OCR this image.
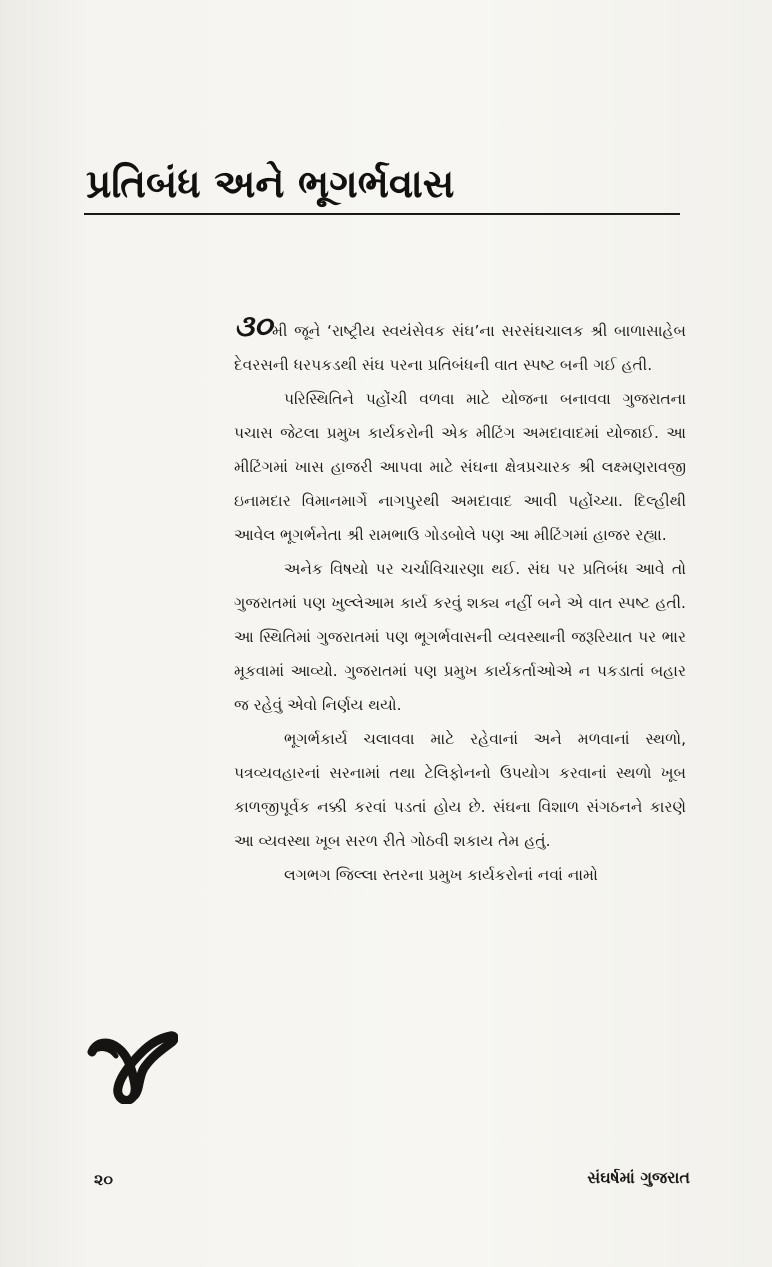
પ્રતિબંધ અને ભૂગર્ભવાસ

૩૦મી જૂને ‘રાષ્ટ્રીય સ્વયંસેવક સંઘ’ના સરસંઘચાલક શ્રી બાળાસાહેબ દેવરસની ધરપકડથી સંઘ પરના પ્રતિબંધની વાત સ્પષ્ટ બની ગઈ હતી.

પરિસ્થિતિને પહોંચી વળવા માટે યોજના બનાવવા ગુજરાતના પચાસ જેટલા પ્રમુખ કાર્યકરોની એક મીટિંગ અમદાવાદમાં યોજાઈ. આ મીટિંગમાં ખાસ હાજરી આપવા માટે સંઘના ક્ષેત્રપ્રચારક શ્રી લક્ષ્મણરાવજી ઇનામદાર વિમાનમાર્ગે નાગપુરથી અમદાવાદ આવી પહોંચ્યા. દિલ્હીથી આવેલ ભૂગર્ભનેતા શ્રી રામભાઉ ગોડબોલે પણ આ મીટિંગમાં હાજર રહ્યા.

અનેક વિષયો પર ચર્ચાવિચારણા થઈ. સંઘ પર પ્રતિબંધ આવે તો ગુજરાતમાં પણ ખુલ્લેઆમ કાર્ય કરવું શક્ય નહીં બને એ વાત સ્પષ્ટ હતી. આ સ્થિતિમાં ગુજરાતમાં પણ ભૂગર્ભવાસની વ્યવસ્થાની જરૂરિયાત પર ભાર મૂકવામાં આવ્યો. ગુજરાતમાં પણ પ્રમુખ કાર્યકર્તાઓએ ન પકડાતાં બહાર જ રહેવું એવો નિર્ણય થયો.

ભૂગર્ભકાર્ય ચલાવવા માટે રહેવાનાં અને મળવાનાં સ્થળો, પત્રવ્યવહારનાં સરનામાં તથા ટેલિફોનનો ઉપયોગ કરવાનાં સ્થળો ખૂબ કાળજીપૂર્વક નક્કી કરવાં પડતાં હોય છે. સંઘના વિશાળ સંગઠનને કારણે આ વ્યવસ્થા ખૂબ સરળ રીતે ગોઠવી શકાય તેમ હતું.

લગભગ જિલ્લા સ્તરના પ્રમુખ કાર્યકરોનાં નવાં નામો

૨૦	સંઘર્ષમાં ગુજરાત
